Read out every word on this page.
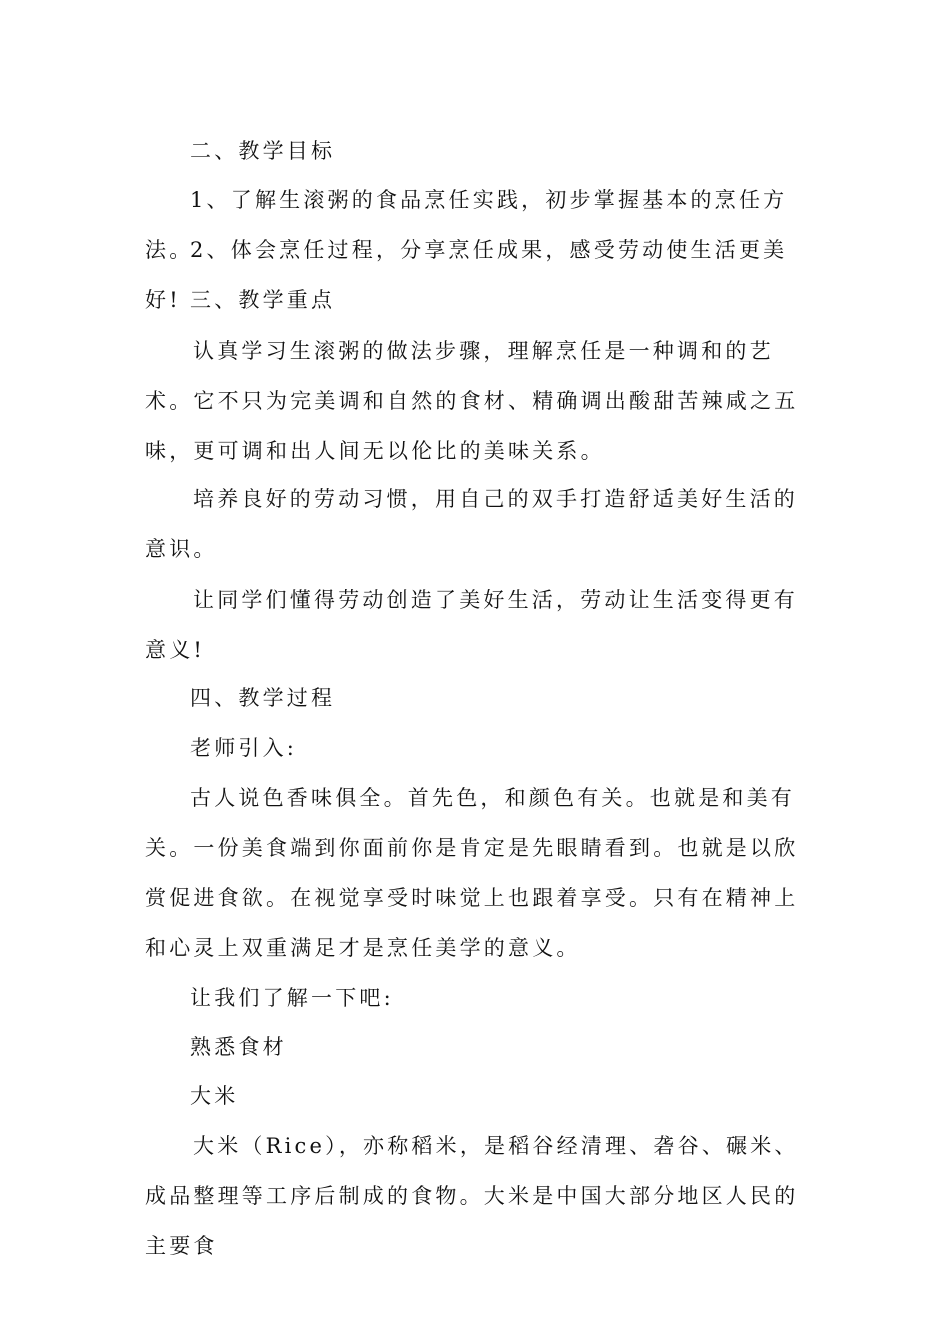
二、教学目标

1、了解生滚粥的食品烹任实践，初步掌握基本的烹任方法。

2、体会烹任过程，分享烹任成果，感受劳动使生活更美好! 三、教学重点

认真学习生滚粥的做法步骤，理解烹任是一种调和的艺术。它不只为完美调和自然的食材、精确调出酸甜苦辣咸之五味，更可调和出人间无以伦比的美味关系。

培养良好的劳动习惯，用自己的双手打造舒适美好生活的意识。

让同学们懂得劳动创造了美好生活，劳动让生活变得更有意义!

四、教学过程

老师引入:

古人说色香味俱全。首先色，和颜色有关。也就是和美有关。一份美食端到你面前你是肯定是先眼睛看到。也就是以欣赏促进食欲。在视觉享受时味觉上也跟着享受。只有在精神上和心灵上双重满足才是烹任美学的意义。

让我们了解一下吧:

熟悉食材

大米

大米（Rice），亦称稻米，是稻谷经清理、砻谷、碾米、成品整理等工序后制成的食物。大米是中国大部分地区人民的主要食
